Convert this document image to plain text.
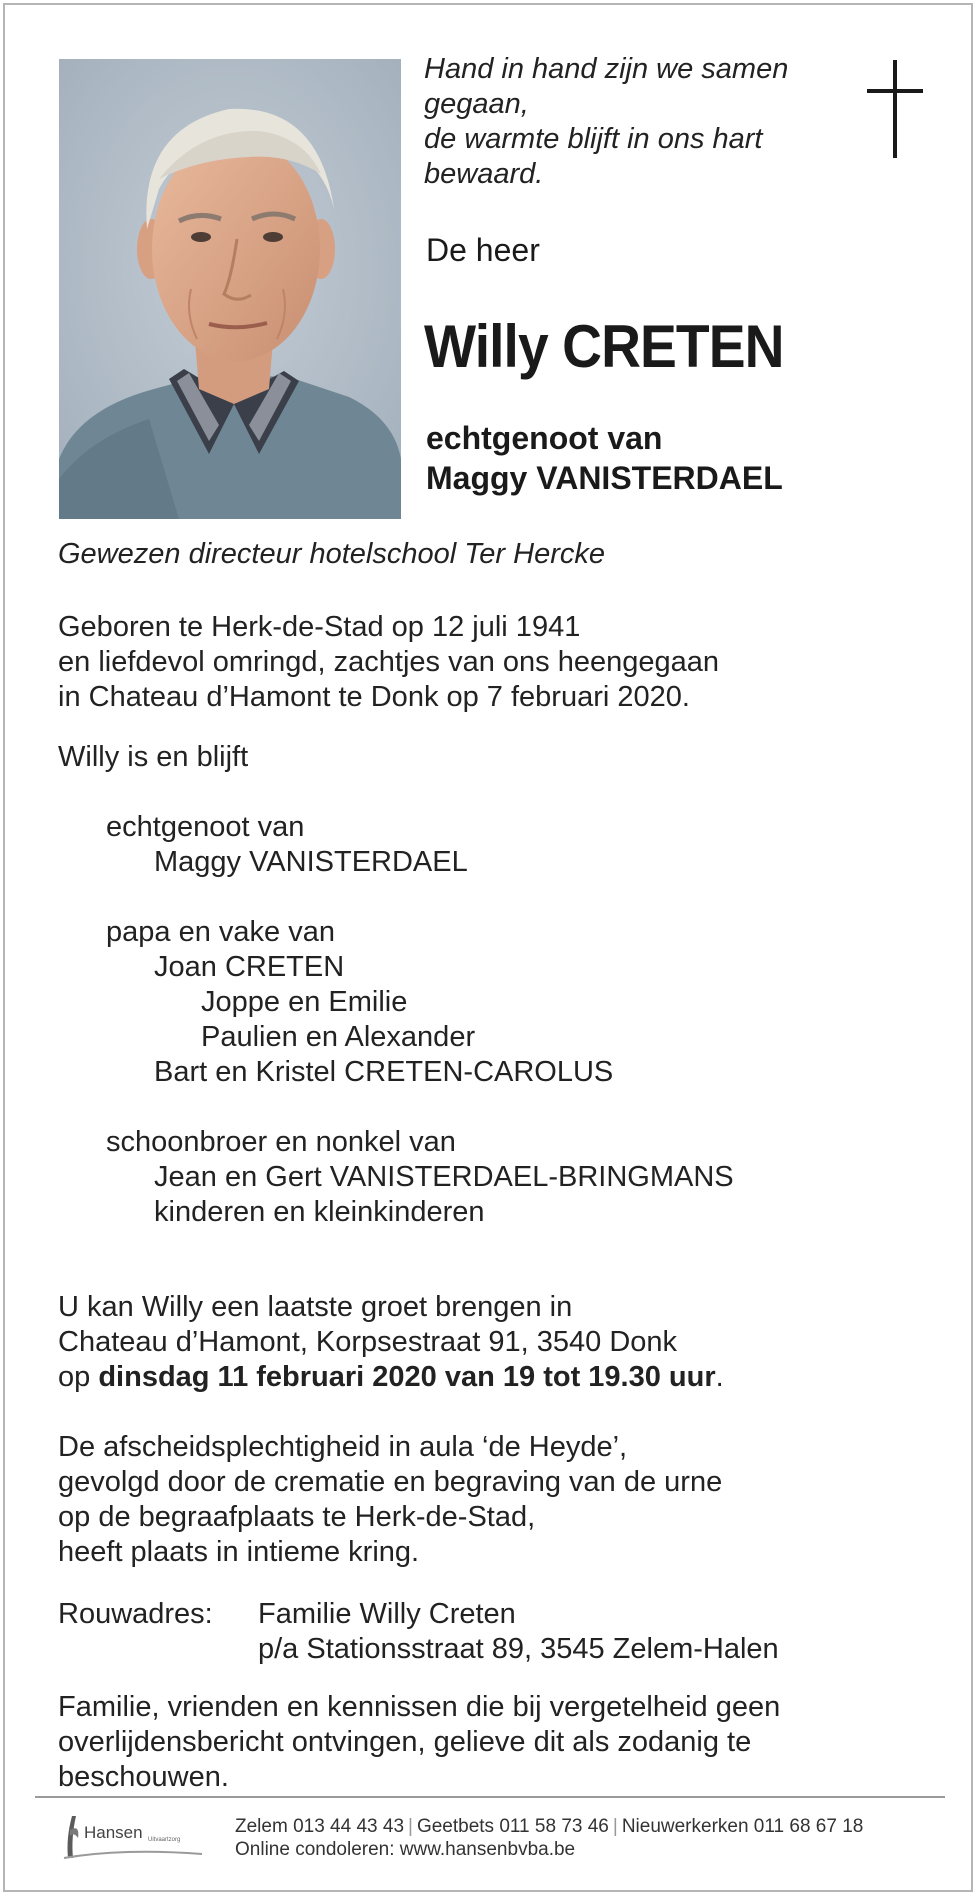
Hand in hand zijn we samen
gegaan,
de warmte blijft in ons hart
bewaard.
De heer
Willy CRETEN
echtgenoot van
Maggy VANISTERDAEL
Gewezen directeur hotelschool Ter Hercke
Geboren te Herk-de-Stad op 12 juli 1941
en liefdevol omringd, zachtjes van ons heengegaan
in Chateau d’Hamont te Donk op 7 februari 2020.
Willy is en blijft
echtgenoot van
Maggy VANISTERDAEL
papa en vake van
Joan CRETEN
Joppe en Emilie
Paulien en Alexander
Bart en Kristel CRETEN-CAROLUS
schoonbroer en nonkel van
Jean en Gert VANISTERDAEL-BRINGMANS
kinderen en kleinkinderen
U kan Willy een laatste groet brengen in
Chateau d’Hamont, Korpsestraat 91, 3540 Donk
op dinsdag 11 februari 2020 van 19 tot 19.30 uur.
De afscheidsplechtigheid in aula ‘de Heyde’,
gevolgd door de crematie en begraving van de urne
op de begraafplaats te Herk-de-Stad,
heeft plaats in intieme kring.
Rouwadres: Familie Willy Creten
p/a Stationsstraat 89, 3545 Zelem-Halen
Familie, vrienden en kennissen die bij vergetelheid geen
overlijdensbericht ontvingen, gelieve dit als zodanig te
beschouwen.
Hansen Uitvaartzorg
Zelem 013 44 43 43 | Geetbets 011 58 73 46 | Nieuwerkerken 011 68 67 18
Online condoleren: www.hansenbvba.be
